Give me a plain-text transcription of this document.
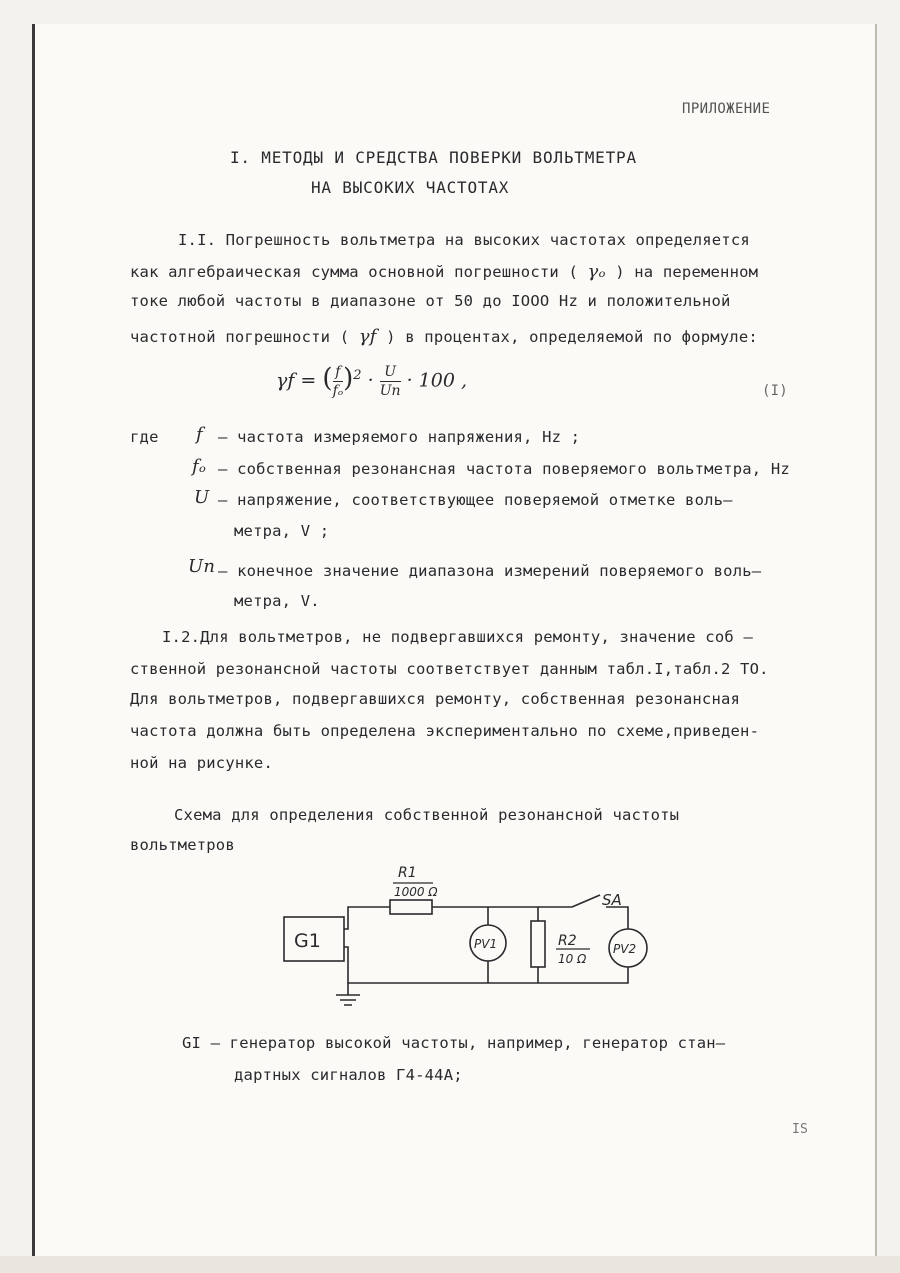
ПРИЛОЖЕНИЕ
I. МЕТОДЫ И СРЕДСТВА ПОВЕРКИ ВОЛЬТМЕТРА
НА ВЫСОКИХ ЧАСТОТАХ
I.I. Погрешность вольтметра на высоких частотах определяется
как алгебраическая сумма основной погрешности ( γₒ ) на переменном
токе любой частоты в диапазоне от 50 до IOOO Hz и положительной
частотной погрешности ( γf ) в процентах, определяемой по формуле:
γf = ( $\frac{f}{\text{fₒ}} )^2 \cdot \frac{U}{Uп} \cdot 100$ ,	(I)
где f – частота измеряемого напряжения, Hz ;
fₒ – собственная резонансная частота поверяемого вольтметра, Hz
U – напряжение, соответствующее поверяемой отметке воль–
метра, V ;
Uп – конечное значение диапазона измерений поверяемого воль–
метра, V.
I.2.Для вольтметров, не подвергавшихся ремонту, значение соб –
ственной резонансной частоты соответствует данным табл.I,табл.2 ТО.
Для вольтметров, подвергавшихся ремонту, собственная резонансная
частота должна быть определена экспериментально по схеме,приведен-
ной на рисунке.
Схема для определения собственной резонансной частоты
вольтметров
G1
R1
1000 Ω
PV1	R2
10 Ω
SA
PV2
GI – генератор высокой частоты, например, генератор стан–
дартных сигналов Г4-44А;
IS
